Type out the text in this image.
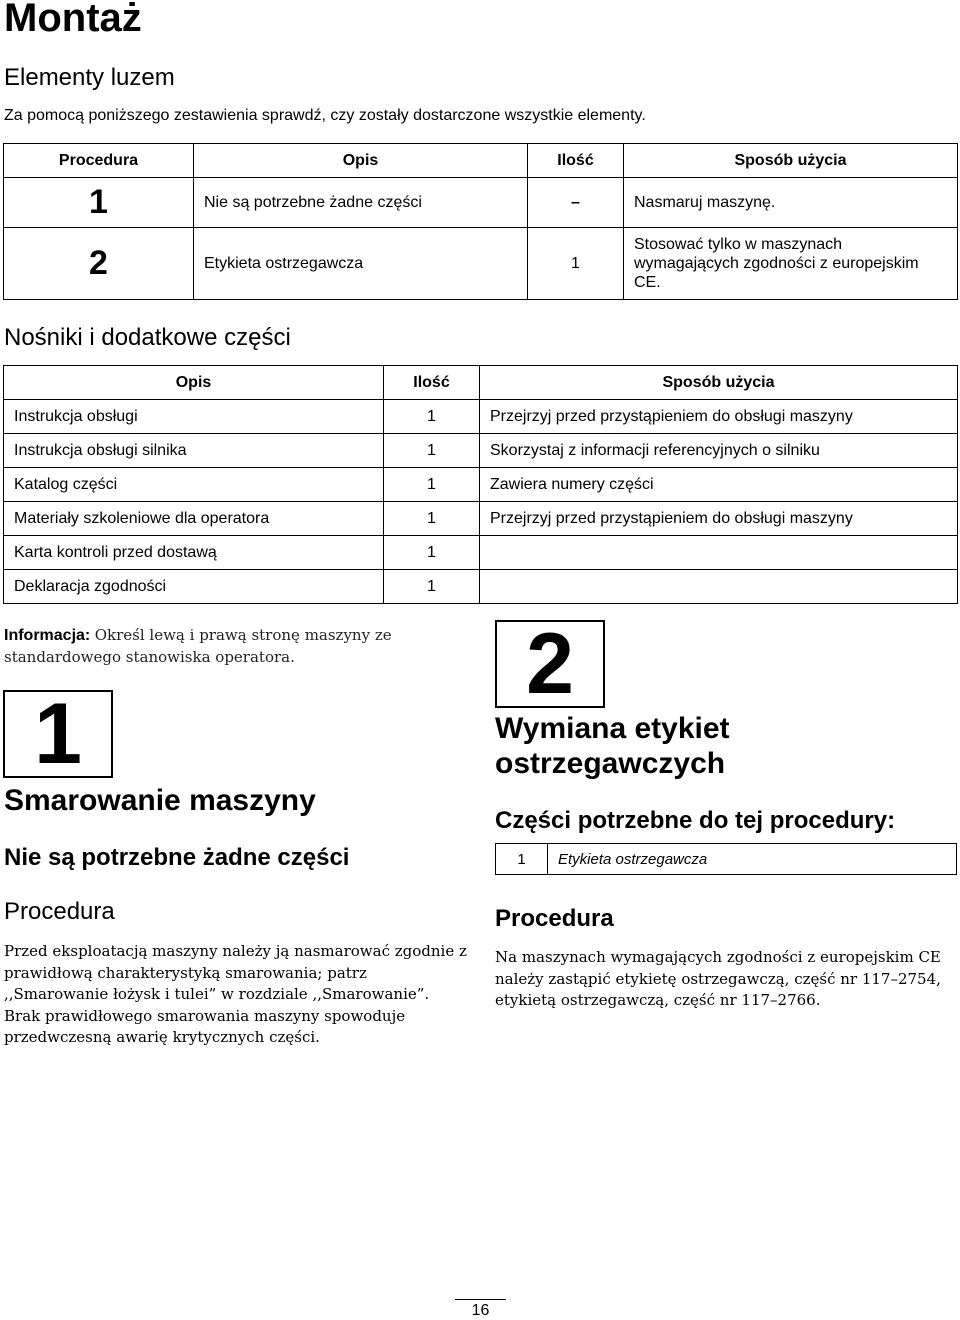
Montaż
Elementy luzem
Za pomocą poniższego zestawienia sprawdź, czy zostały dostarczone wszystkie elementy.
Procedura	Opis	Ilość	Sposób użycia
1	Nie są potrzebne żadne części	–	Nasmaruj maszynę.
2	Etykieta ostrzegawcza	1	Stosować tylko w maszynach wymagających zgodności z europejskim CE.
Nośniki i dodatkowe części
Opis	Ilość	Sposób użycia
Instrukcja obsługi	1	Przejrzyj przed przystąpieniem do obsługi maszyny
Instrukcja obsługi silnika	1	Skorzystaj z informacji referencyjnych o silniku
Katalog części	1	Zawiera numery części
Materiały szkoleniowe dla operatora	1	Przejrzyj przed przystąpieniem do obsługi maszyny
Karta kontroli przed dostawą	1	
Deklaracja zgodności	1	
Informacja: Określ lewą i prawą stronę maszyny ze standardowego stanowiska operatora.
1
Smarowanie maszyny
Nie są potrzebne żadne części
Procedura
Przed eksploatacją maszyny należy ją nasmarować zgodnie z prawidłową charakterystyką smarowania; patrz ,,Smarowanie łożysk i tulei” w rozdziale ,,Smarowanie”. Brak prawidłowego smarowania maszyny spowoduje przedwczesną awarię krytycznych części.
2
Wymiana etykiet ostrzegawczych
Części potrzebne do tej procedury:
1	Etykieta ostrzegawcza
Procedura
Na maszynach wymagających zgodności z europejskim CE należy zastąpić etykietę ostrzegawczą, część nr 117–2754, etykietą ostrzegawczą, część nr 117–2766.
16
